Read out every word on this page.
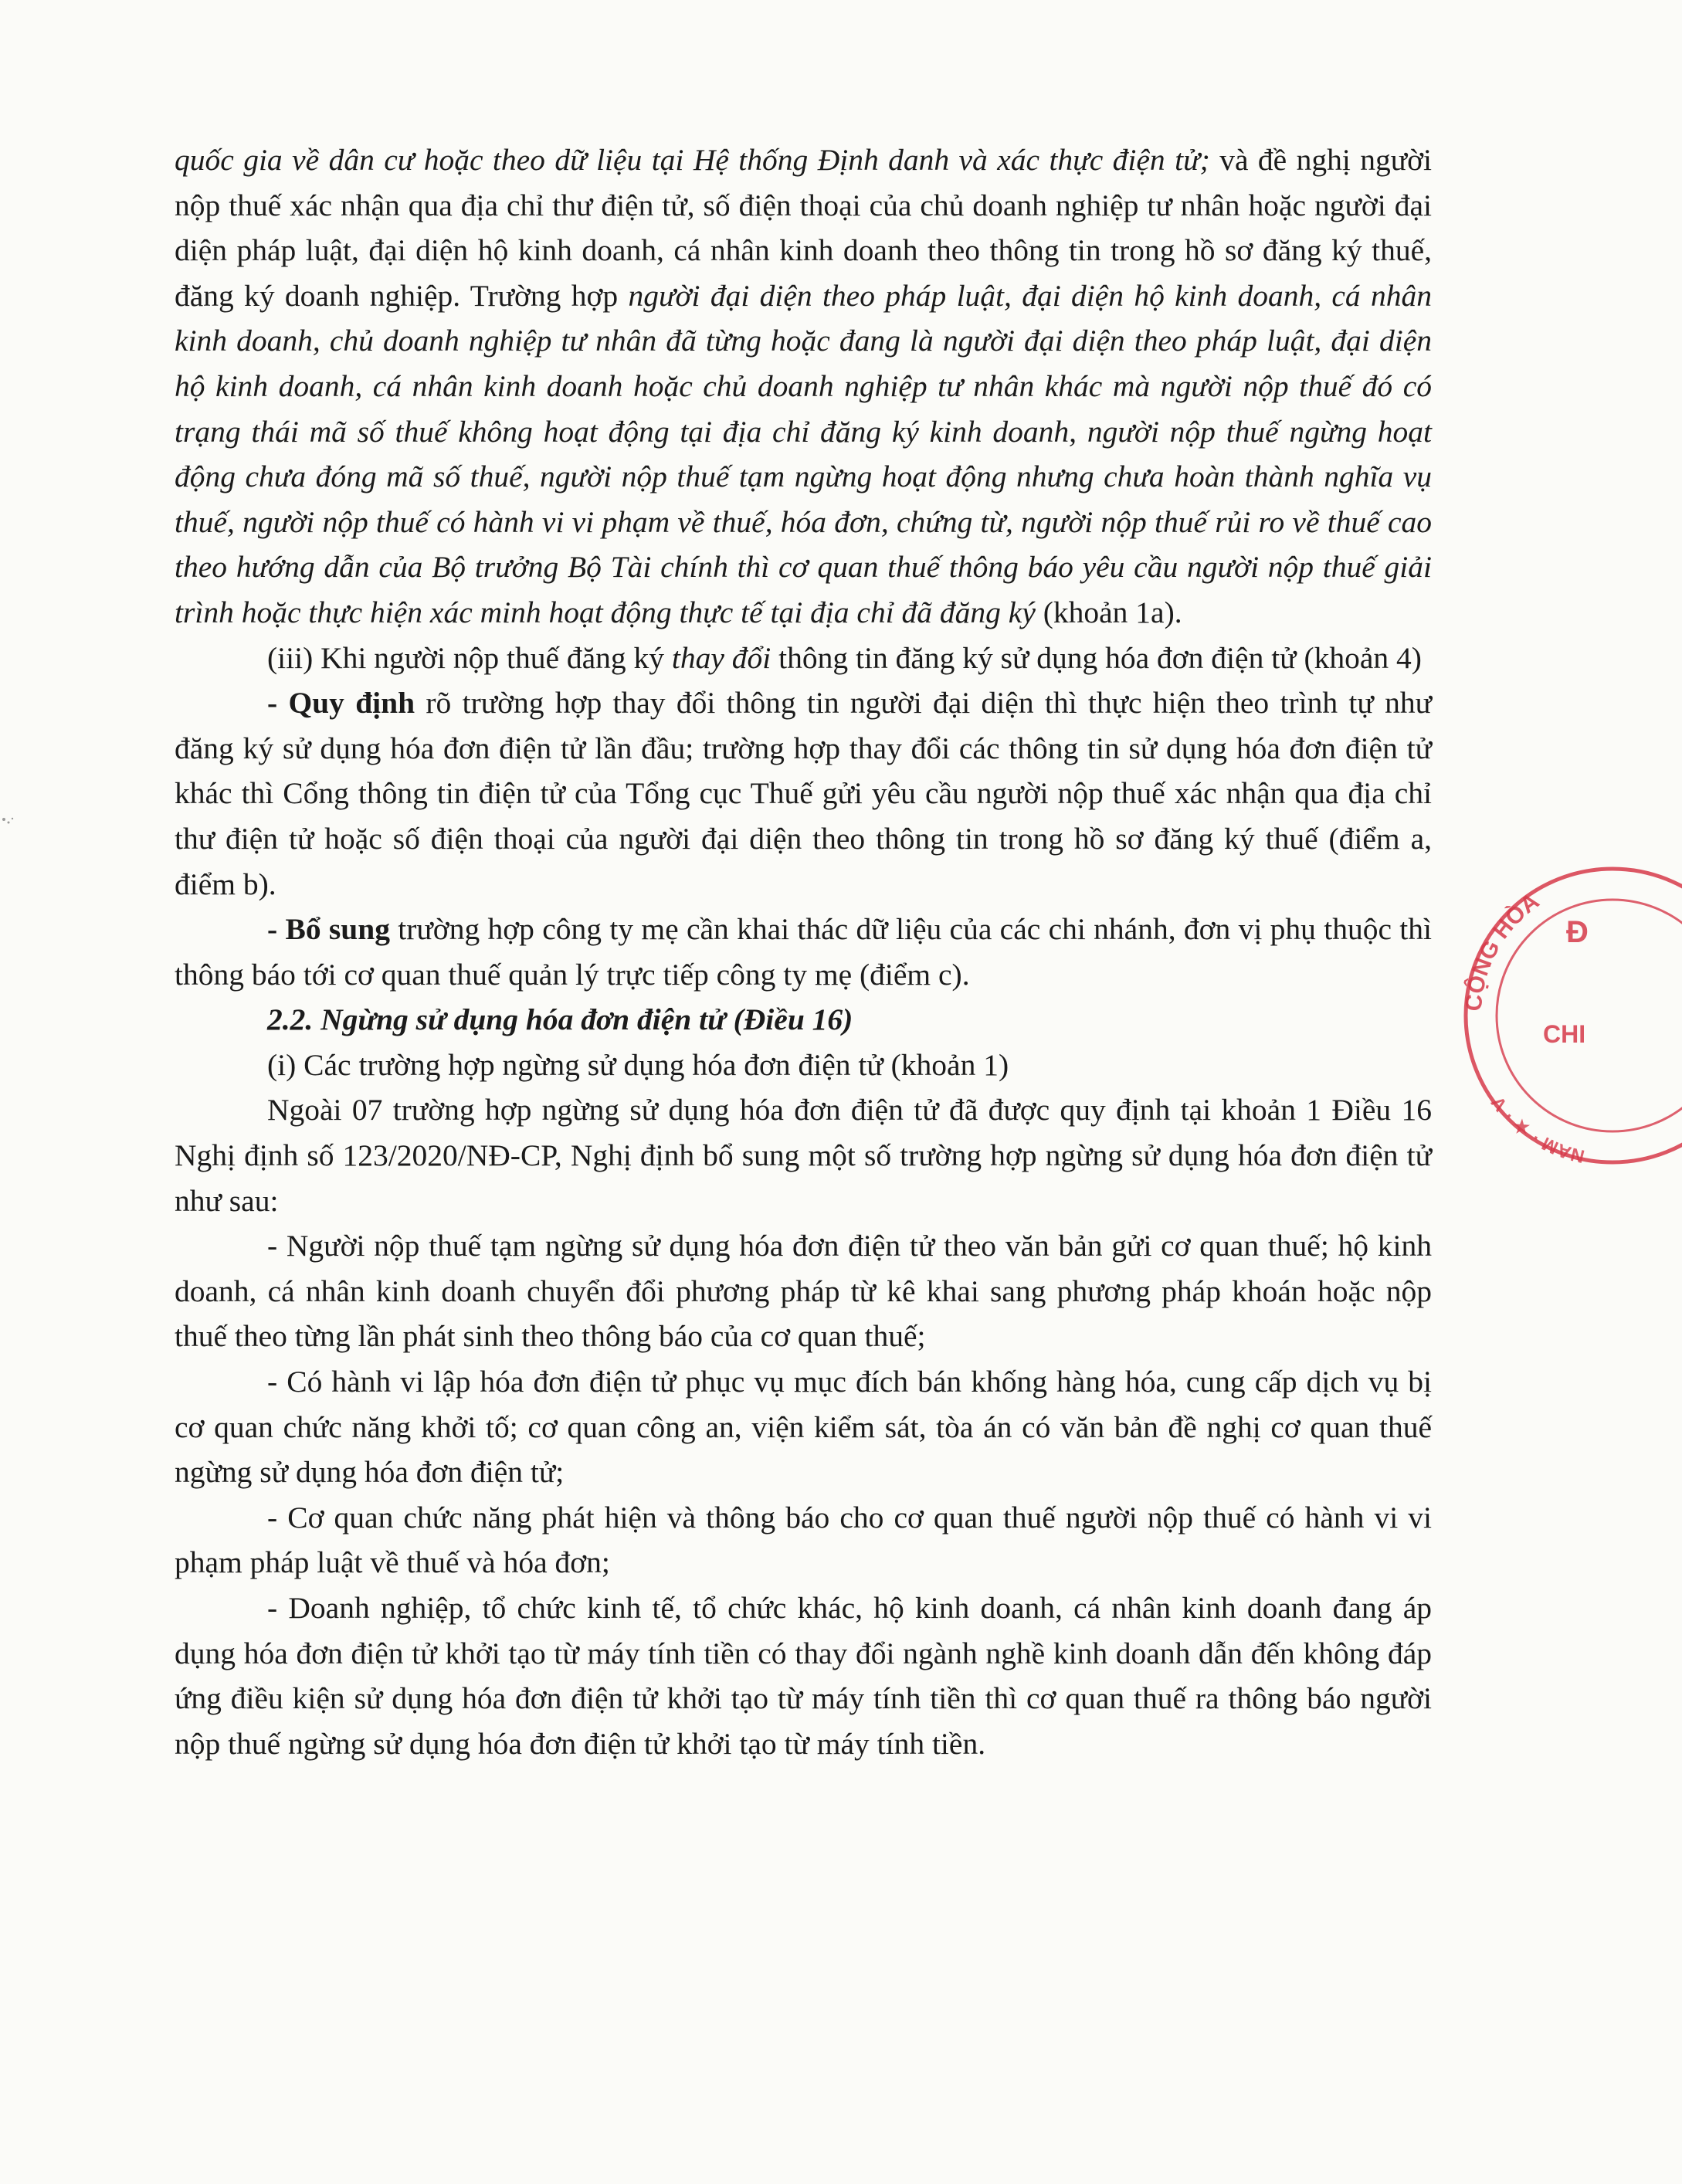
quốc gia về dân cư hoặc theo dữ liệu tại Hệ thống Định danh và xác thực điện tử; và đề nghị người nộp thuế xác nhận qua địa chỉ thư điện tử, số điện thoại của chủ doanh nghiệp tư nhân hoặc người đại diện pháp luật, đại diện hộ kinh doanh, cá nhân kinh doanh theo thông tin trong hồ sơ đăng ký thuế, đăng ký doanh nghiệp. Trường hợp người đại diện theo pháp luật, đại diện hộ kinh doanh, cá nhân kinh doanh, chủ doanh nghiệp tư nhân đã từng hoặc đang là người đại diện theo pháp luật, đại diện hộ kinh doanh, cá nhân kinh doanh hoặc chủ doanh nghiệp tư nhân khác mà người nộp thuế đó có trạng thái mã số thuế không hoạt động tại địa chỉ đăng ký kinh doanh, người nộp thuế ngừng hoạt động chưa đóng mã số thuế, người nộp thuế tạm ngừng hoạt động nhưng chưa hoàn thành nghĩa vụ thuế, người nộp thuế có hành vi vi phạm về thuế, hóa đơn, chứng từ, người nộp thuế rủi ro về thuế cao theo hướng dẫn của Bộ trưởng Bộ Tài chính thì cơ quan thuế thông báo yêu cầu người nộp thuế giải trình hoặc thực hiện xác minh hoạt động thực tế tại địa chỉ đã đăng ký (khoản 1a).

(iii) Khi người nộp thuế đăng ký thay đổi thông tin đăng ký sử dụng hóa đơn điện tử (khoản 4)

- Quy định rõ trường hợp thay đổi thông tin người đại diện thì thực hiện theo trình tự như đăng ký sử dụng hóa đơn điện tử lần đầu; trường hợp thay đổi các thông tin sử dụng hóa đơn điện tử khác thì Cổng thông tin điện tử của Tổng cục Thuế gửi yêu cầu người nộp thuế xác nhận qua địa chỉ thư điện tử hoặc số điện thoại của người đại diện theo thông tin trong hồ sơ đăng ký thuế (điểm a, điểm b).

- Bổ sung trường hợp công ty mẹ cần khai thác dữ liệu của các chi nhánh, đơn vị phụ thuộc thì thông báo tới cơ quan thuế quản lý trực tiếp công ty mẹ (điểm c).

2.2. Ngừng sử dụng hóa đơn điện tử (Điều 16)

(i) Các trường hợp ngừng sử dụng hóa đơn điện tử (khoản 1)

Ngoài 07 trường hợp ngừng sử dụng hóa đơn điện tử đã được quy định tại khoản 1 Điều 16 Nghị định số 123/2020/NĐ-CP, Nghị định bổ sung một số trường hợp ngừng sử dụng hóa đơn điện tử như sau:

- Người nộp thuế tạm ngừng sử dụng hóa đơn điện tử theo văn bản gửi cơ quan thuế; hộ kinh doanh, cá nhân kinh doanh chuyển đổi phương pháp từ kê khai sang phương pháp khoán hoặc nộp thuế theo từng lần phát sinh theo thông báo của cơ quan thuế;

- Có hành vi lập hóa đơn điện tử phục vụ mục đích bán khống hàng hóa, cung cấp dịch vụ bị cơ quan chức năng khởi tố; cơ quan công an, viện kiểm sát, tòa án có văn bản đề nghị cơ quan thuế ngừng sử dụng hóa đơn điện tử;

- Cơ quan chức năng phát hiện và thông báo cho cơ quan thuế người nộp thuế có hành vi vi phạm pháp luật về thuế và hóa đơn;

- Doanh nghiệp, tổ chức kinh tế, tổ chức khác, hộ kinh doanh, cá nhân kinh doanh đang áp dụng hóa đơn điện tử khởi tạo từ máy tính tiền có thay đổi ngành nghề kinh doanh dẫn đến không đáp ứng điều kiện sử dụng hóa đơn điện tử khởi tạo từ máy tính tiền thì cơ quan thuế ra thông báo người nộp thuế ngừng sử dụng hóa đơn điện tử khởi tạo từ máy tính tiền.

CỘNG HÒA
CHI
NAM · ★ · V
Đ
